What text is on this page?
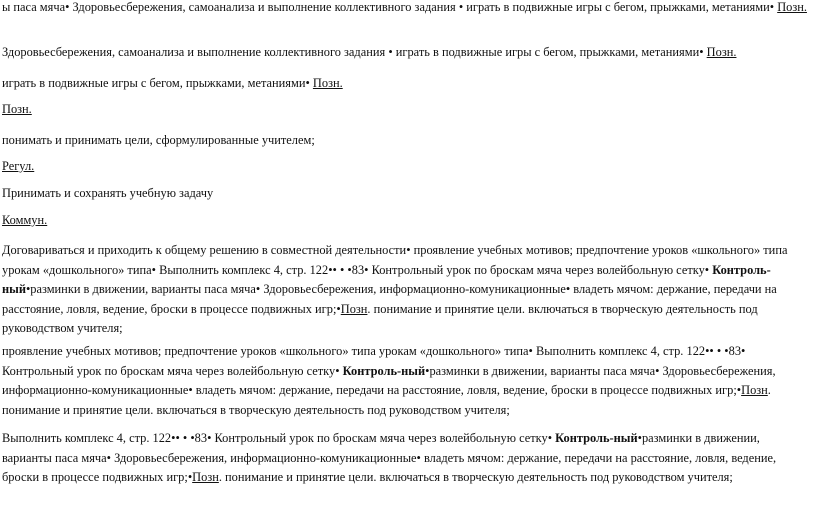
ы паса мяча• Здоровьесбережения, самоанализа и выполнение коллективного задания • играть в подвижные игры с бегом, прыжками, метаниями• Позн.

Здоровьесбережения, самоанализа и выполнение коллективного задания • играть в подвижные игры с бегом, прыжками, метаниями• Позн.

играть в подвижные игры с бегом, прыжками, метаниями• Позн.

Позн.

понимать и принимать цели, сформулированные учителем;

Регул.

Принимать и сохранять учебную задачу

Коммун.

Договариваться и приходить к общему решению в совместной деятельности• проявление учебных мотивов; предпочтение уроков «школьного» типа урокам «дошкольного» типа• Выполнить комплекс 4, стр. 122•• • •83• Контрольный урок по броскам мяча через волейбольную сетку• Контроль-ный•разминки в движении, варианты паса мяча• Здоровьесбережения, информационно-комуникационные• владеть мячом: держание, передачи на расстояние, ловля, ведение, броски в процессе подвижных игр;•Позн. понимание и принятие цели. включаться в творческую деятельность под руководством учителя;

проявление учебных мотивов; предпочтение уроков «школьного» типа урокам «дошкольного» типа• Выполнить комплекс 4, стр. 122•• • •83• Контрольный урок по броскам мяча через волейбольную сетку• Контроль-ный•разминки в движении, варианты паса мяча• Здоровьесбережения, информационно-комуникационные• владеть мячом: держание, передачи на расстояние, ловля, ведение, броски в процессе подвижных игр;•Позн. понимание и принятие цели. включаться в творческую деятельность под руководством учителя;

Выполнить комплекс 4, стр. 122•• • •83• Контрольный урок по броскам мяча через волейбольную сетку• Контроль-ный•разминки в движении, варианты паса мяча• Здоровьесбережения, информационно-комуникационные• владеть мячом: держание, передачи на расстояние, ловля, ведение, броски в процессе подвижных игр;•Позн. понимание и принятие цели. включаться в творческую деятельность под руководством учителя;
